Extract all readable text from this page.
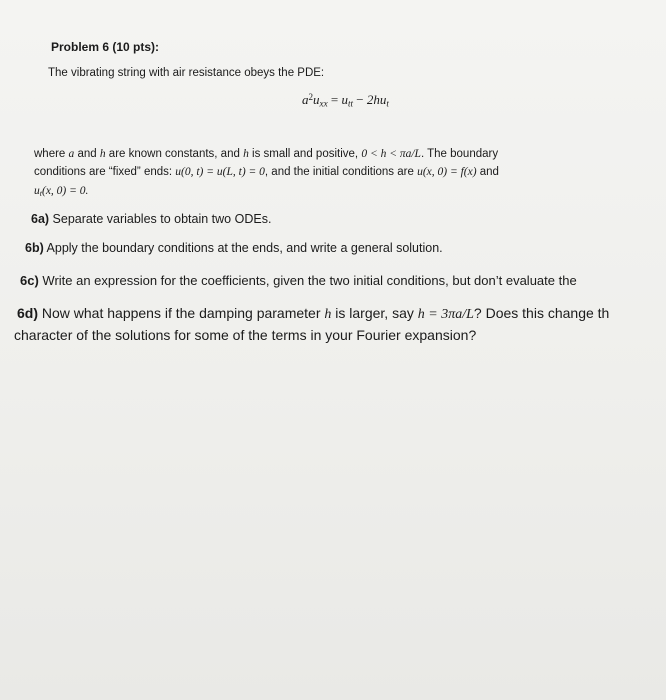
Problem 6 (10 pts):
The vibrating string with air resistance obeys the PDE:
$a^2u_{xx} = u_{tt} - 2hu_t$
where a and h are known constants, and h is small and positive, 0 < h < πa/L. The boundary
conditions are “fixed” ends: u(0, t) = u(L, t) = 0, and the initial conditions are u(x, 0) = f(x) and
$u_t(x$, 0) = 0.
6a) Separate variables to obtain two ODEs.
6b) Apply the boundary conditions at the ends, and write a general solution.
6c) Write an expression for the coefficients, given the two initial conditions, but don’t evaluate the
6d) Now what happens if the damping parameter h is larger, say h = 3πa/L? Does this change th
character of the solutions for some of the terms in your Fourier expansion?
